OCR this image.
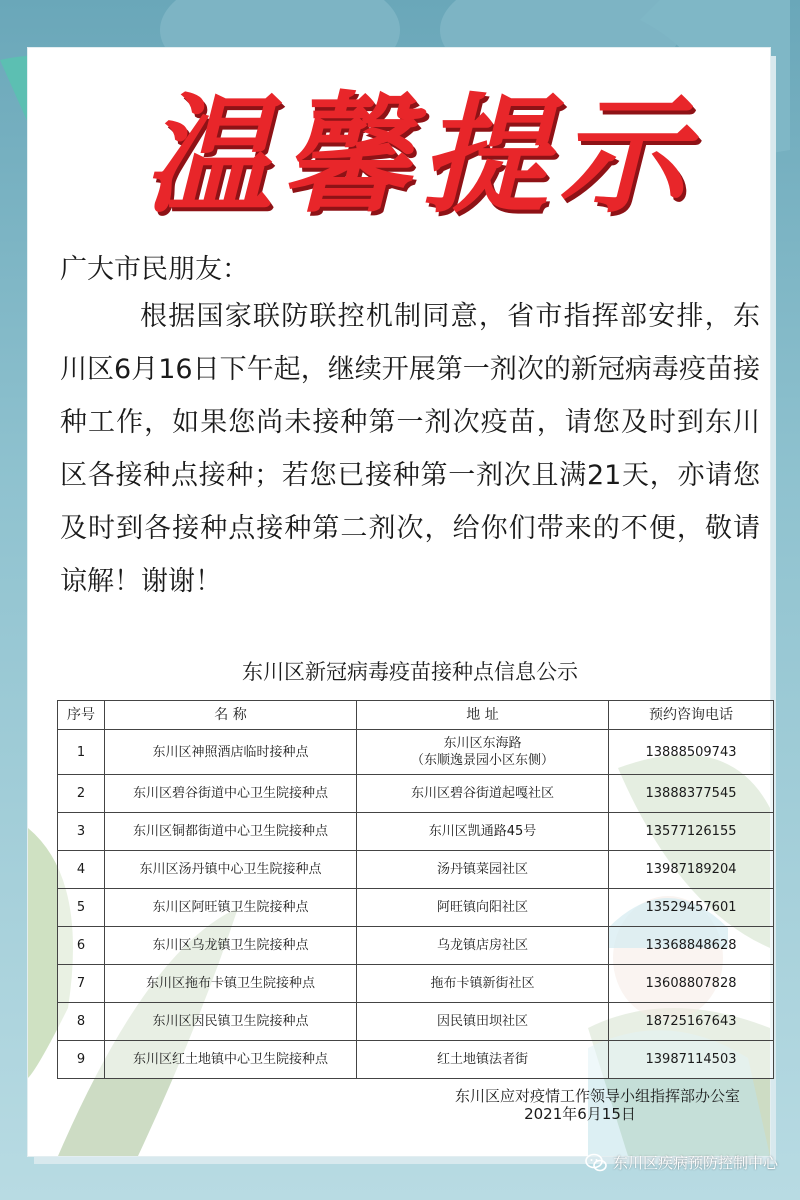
温馨提示
广大市民朋友：

根据国家联防联控机制同意，省市指挥部安排，东川区6月16日下午起，继续开展第一剂次的新冠病毒疫苗接种工作，如果您尚未接种第一剂次疫苗，请您及时到东川区各接种点接种；若您已接种第一剂次且满21天，亦请您及时到各接种点接种第二剂次，给你们带来的不便，敬请谅解！谢谢！

东川区新冠病毒疫苗接种点信息公示
序号	名 称	地 址	预约咨询电话
1	东川区神照酒店临时接种点	东川区东海路
（东顺逸景园小区东侧）	13888509743
2	东川区碧谷街道中心卫生院接种点	东川区碧谷街道起嘎社区	13888377545
3	东川区铜都街道中心卫生院接种点	东川区凯通路45号	13577126155
4	东川区汤丹镇中心卫生院接种点	汤丹镇菜园社区	13987189204
5	东川区阿旺镇卫生院接种点	阿旺镇向阳社区	13529457601
6	东川区乌龙镇卫生院接种点	乌龙镇店房社区	13368848628
7	东川区拖布卡镇卫生院接种点	拖布卡镇新街社区	13608807828
8	东川区因民镇卫生院接种点	因民镇田坝社区	18725167643
9	东川区红土地镇中心卫生院接种点	红土地镇法者街	13987114503
东川区应对疫情工作领导小组指挥部办公室
2021年6月15日
东川区疾病预防控制中心
